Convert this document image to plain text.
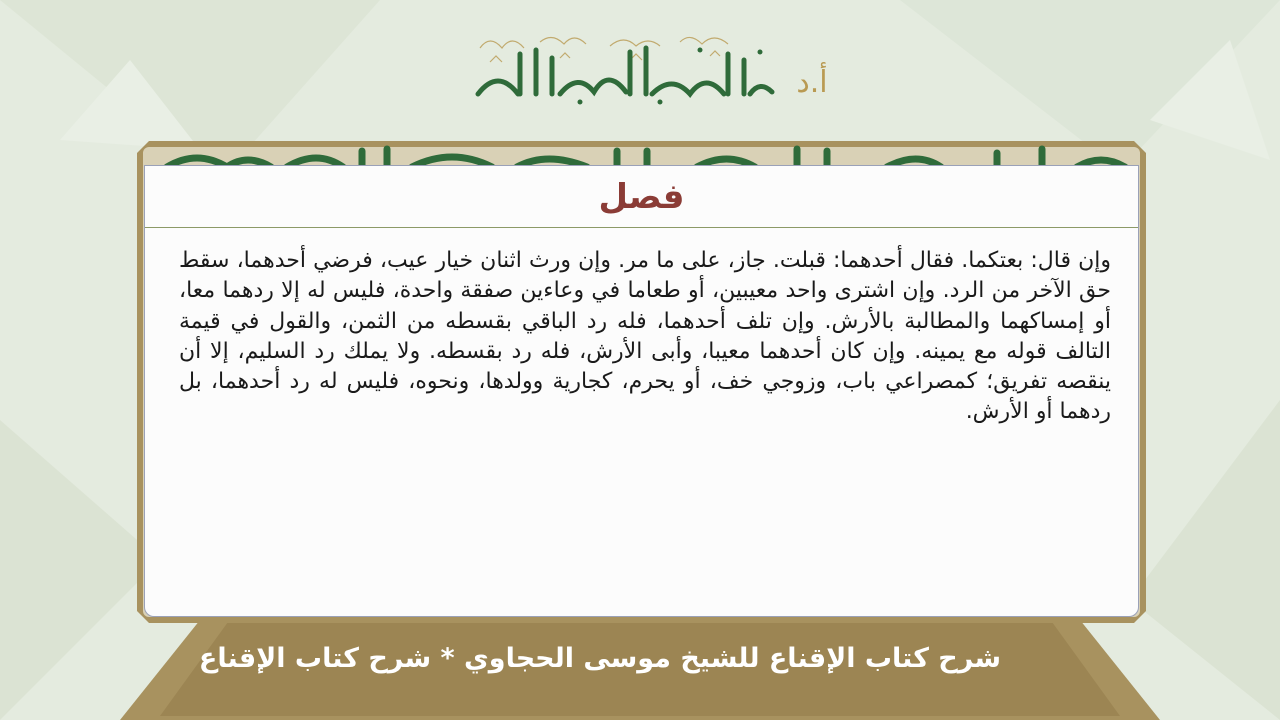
أ.د
فصل

وإن قال: بعتكما. فقال أحدهما: قبلت. جاز، على ما مر. وإن ورث اثنان خيار عيب، فرضي أحدهما، سقط حق الآخر من الرد. وإن اشترى واحد معيبين، أو طعاما في وعاءين صفقة واحدة، فليس له إلا ردهما معا، أو إمساكهما والمطالبة بالأرش. وإن تلف أحدهما، فله رد الباقي بقسطه من الثمن، والقول في قيمة التالف قوله مع يمينه. وإن كان أحدهما معيبا، وأبى الأرش، فله رد بقسطه. ولا يملك رد السليم، إلا أن ينقصه تفريق؛ كمصراعي باب، وزوجي خف، أو يحرم، كجارية وولدها، ونحوه، فليس له رد أحدهما، بل ردهما أو الأرش.

شرح كتاب الإقناع للشيخ موسى الحجاوي * شرح كتاب الإقناع
